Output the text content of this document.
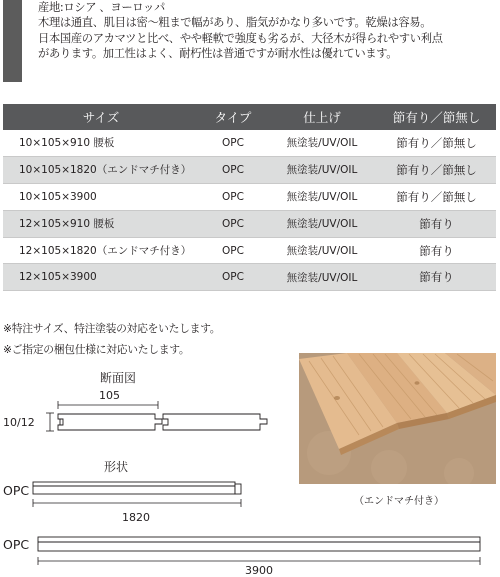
産地:ロシア 、ヨーロッパ
木理は通直、肌目は密〜粗まで幅があり、脂気がかなり多いです。乾燥は容易。
日本国産のアカマツと比べ、やや軽軟で強度も劣るが、大径木が得られやすい利点
があります。加工性はよく、耐朽性は普通ですが耐水性は優れています。
サイズ	タイプ	仕上げ	節有り／節無し
10×105×910 腰板	OPC	無塗装/UV/OIL	節有り／節無し
10×105×1820（エンドマチ付き）	OPC	無塗装/UV/OIL	節有り／節無し
10×105×3900	OPC	無塗装/UV/OIL	節有り／節無し
12×105×910 腰板	OPC	無塗装/UV/OIL	節有り
12×105×1820（エンドマチ付き）	OPC	無塗装/UV/OIL	節有り
12×105×3900	OPC	無塗装/UV/OIL	節有り
※特注サイズ、特注塗装の対応をいたします。
※ご指定の梱包仕様に対応いたします。
断面図
105
10/12
形状
OPC
1820
OPC
3900
（エンドマチ付き）
